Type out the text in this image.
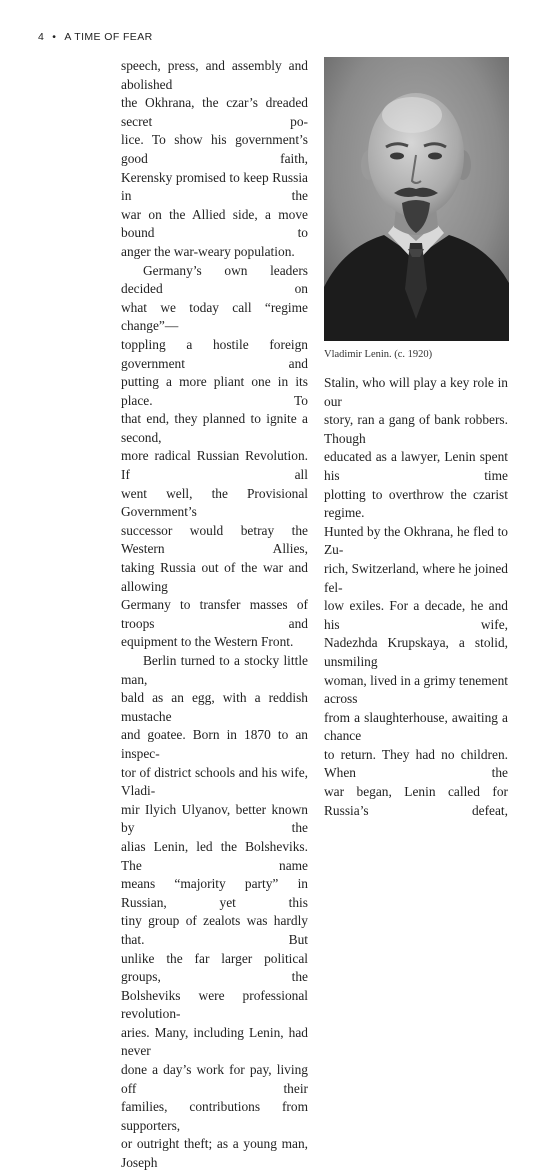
4 • A TIME OF FEAR

speech, press, and assembly and abolished
the Okhrana, the czar’s dreaded secret po-
lice. To show his government’s good faith,
Kerensky promised to keep Russia in the
war on the Allied side, a move bound to
anger the war-weary population.

Germany’s own leaders decided on
what we today call “regime change”—
toppling a hostile foreign government and
putting a more pliant one in its place. To
that end, they planned to ignite a second,
more radical Russian Revolution. If all
went well, the Provisional Government’s
successor would betray the Western Allies,
taking Russia out of the war and allowing
Germany to transfer masses of troops and
equipment to the Western Front.

Berlin turned to a stocky little man,
bald as an egg, with a reddish mustache
and goatee. Born in 1870 to an inspec-
tor of district schools and his wife, Vladi-
mir Ilyich Ulyanov, better known by the
alias Lenin, led the Bolsheviks. The name
means “majority party” in Russian, yet this
tiny group of zealots was hardly that. But
unlike the far larger political groups, the
Bolsheviks were professional revolution-
aries. Many, including Lenin, had never
done a day’s work for pay, living off their
families, contributions from supporters,
or outright theft; as a young man, Joseph

Vladimir Lenin. (c. 1920)

Stalin, who will play a key role in our
story, ran a gang of bank robbers. Though
educated as a lawyer, Lenin spent his time
plotting to overthrow the czarist regime.
Hunted by the Okhrana, he fled to Zu-
rich, Switzerland, where he joined fel-
low exiles. For a decade, he and his wife,
Nadezhda Krupskaya, a stolid, unsmiling
woman, lived in a grimy tenement across
from a slaughterhouse, awaiting a chance
to return. They had no children. When the
war began, Lenin called for Russia’s defeat,
